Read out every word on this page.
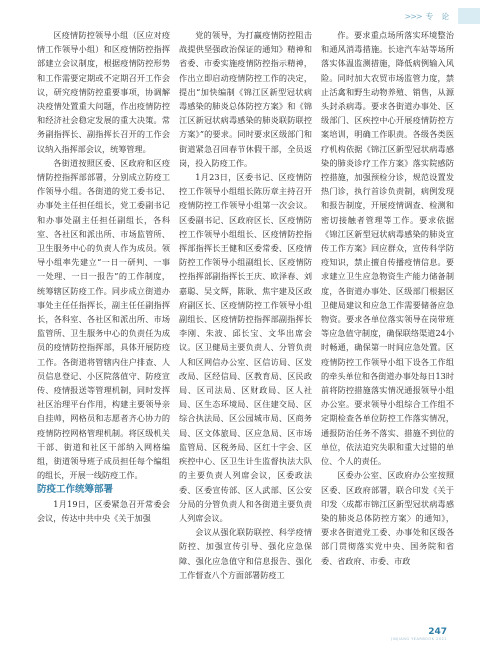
>>> 专 论

区疫情防控领导小组（区应对疫情工作领导小组）和区疫情防控指挥部建立会议制度，根据疫情防控形势和工作需要定期或不定期召开工作会议，研究疫情防控重要事项，协调解决疫情处置重大问题，作出疫情防控和经济社会稳定发展的重大决策。常务副指挥长、副指挥长召开的工作会议纳入指挥部会议，统筹管理。

各街道按照区委、区政府和区疫情防控指挥部部署，分别成立防疫工作领导小组。各街道的党工委书记、办事处主任担任组长，党工委副书记和办事处副主任担任副组长，各科室、各社区和派出所、市场监管所、卫生服务中心的负责人作为成员。领导小组率先建立“一日一研判、一事一处理、一日一报告”的工作制度，统筹辖区防疫工作。同步成立街道办事处主任任指挥长，副主任任副指挥长，各科室、各社区和派出所、市场监管所、卫生服务中心的负责任为成员的疫情防控指挥部，具体开展防疫工作。各街道将管辖内住户排查、人员信息登记、小区院落值守、防疫宣传、疫情报送等管理机制，同时发挥社区治理平台作用，构建主要领导亲自挂帅，网格员和志愿者齐心协力的疫情防控网格管理机制。将区级机关干部、街道和社区干部纳入网格编组，街道领导班子成员担任每个编组的组长，开展一线防疫工作。

防疫工作统筹部署

1月19日，区委紧急召开常委会会议，传达中共中央《关于加强

党的领导，为打赢疫情防控阻击战提供坚强政治保证的通知》精神和省委、市委实施疫情防控指示精神，作出立即启动疫情防控工作的决定，提出“加快编制《锦江区新型冠状病毒感染的肺炎总体防控方案》和《锦江区新冠状病毒感染的肺炎联防联控方案》”的要求。同时要求区级部门和街道紧急召回春节休假干部，全员返岗，投入防疫工作。

1月23日，区委书记、区疫情防控工作领导小组组长陈历章主持召开疫情防控工作领导小组第一次会议。区委副书记、区政府区长、区疫情防控工作领导小组组长、区疫情防控指挥部指挥长王健和区委常委、区疫情防控工作领导小组副组长、区疫情防控指挥部副指挥长王庆、欧泽春、刘嘉聪、吴文辉，陈耿、焦宇建及区政府副区长、区疫情防控工作领导小组副组长、区疫情防控指挥部副指挥长李刚、朱波、邱长宝、文华出席会议。区卫健局主要负责人、分管负责人和区网信办公室、区信访局、区发改局、区经信局、区教育局、区民政局、区司法局、区财政局、区人社局、区生态环境局、区住建交局、区综合执法局、区公园城市局、区商务局、区文体旅局、区应急局、区市场监管局、区税务局、区红十字会、区疾控中心、区卫生计生监督执法大队的主要负责人列席会议，区委政法委、区委宣传部、区人武部、区公安分局的分管负责人和各街道主要负责人列席会议。

会议从强化联防联控、科学疫情防控、加强宣传引导、强化应急保障、强化应急值守和信息报告、强化工作督查八个方面部署防疫工

作。要求重点场所落实环境整治和通风消毒措施。长途汽车站等场所落实体温监测措施，降低病例输入风险。同时加大农贸市场监管力度，禁止活禽和野生动物养殖、销售，从源头封杀病毒。要求各街道办事处、区级部门、区疾控中心开展疫情防控方案培训，明确工作职责。各级各类医疗机构依据《锦江区新型冠状病毒感染的肺炎诊疗工作方案》落实院感防控措施，加强预检分诊，规范设置发热门诊，执行首诊负责制，病例发现和报告制度，开展疫情调查、检测和密切接触者管理等工作。要求依据《锦江区新型冠状病毒感染的肺炎宣传工作方案》回应群众，宣传科学防疫知识，禁止擅自传播疫情信息。要求建立卫生应急物资生产能力储备制度，各街道办事处、区级部门根据区卫健局建议和应急工作需要储备应急物资。要求各单位落实领导在岗带班等应急值守制度，确保联络渠道24小时畅通，确保第一时间应急处置。区疫情防控工作领导小组下设各工作组的牵头单位和各街道办事处每日13时前将防控措施落实情况通报领导小组办公室。要求领导小组综合工作组不定期检查各单位防控工作落实情况，通报防治任务不落实、措施不到位的单位，依法追究失职和重大过错的单位、个人的责任。

区委办公室、区政府办公室按照区委、区政府部署，联合印发《关于印发〈成都市锦江区新型冠状病毒感染的肺炎总体防控方案〉的通知》，要求各街道党工委、办事处和区级各部门贯彻落实党中央、国务院和省委、省政府、市委、市政

247
JINJIANG YEARBOOK 2021
